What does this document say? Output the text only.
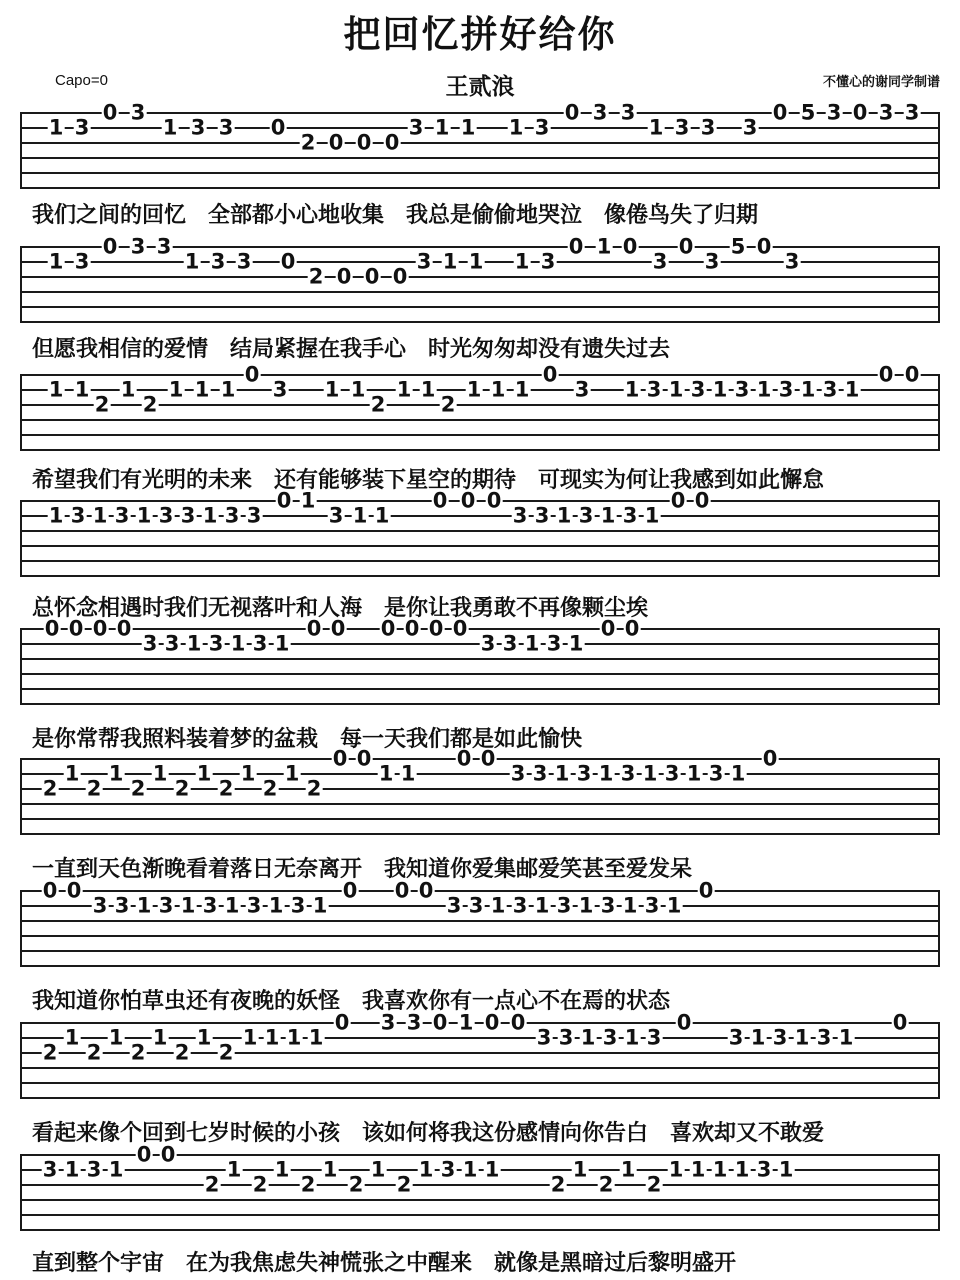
把回忆拼好给你
Capo=0	王贰浪	不懂心的谢同学制谱
1 3
0 3
1 3 3 0
2 0 0 0
3 1 1 1 3
0 3 3
1 3 3 3
0 5 3 0 3 3
1 3
0 3 3
1 3 3 0
2 0 0 0
3 1 1 1 3
0 1 0
3
0
3
5 0
3
1 1
2
1
2
1 1 1
0
3 1 1
2
1 1
2
1 1 1
0
3 1 3 1 3 1 3 1 3 1 3 1
0 0
1 3 1 3 1 3 3 1 3 3
0 1
3 1 1
0 0 0
3 3 1 3 1 3 1
0 0
0 0 0 0
3 3 1 3 1 3 1
0 0 0 0 0 0
3 3 1 3 1
0 0
2
1
2
1
2
1
2
1
2
1
2
1
2
0 0
1 1
0 0
3 3 1 3 1 3 1 3 1 3 1
0
0 0
3 3 1 3 1 3 1 3 1 3 1
0 0 0
3 3 1 3 1 3 1 3 1 3 1
0
2
1
2
1
2
1
2
1
2
1 1 1 1
0 3 3 0 1 0 0
3 3 1 3 1 3
0
3 1 3 1 3 1
0
3 1 3 1
0 0
2
1
2
1
2
1
2
1
2
1 3 1 1
2
1
2
1
2
1 1 1 1 3 1
我们之间的回忆　全部都小心地收集　我总是偷偷地哭泣　像倦鸟失了归期
但愿我相信的爱情　结局紧握在我手心　时光匆匆却没有遗失过去
希望我们有光明的未来　还有能够装下星空的期待　可现实为何让我感到如此懈怠
总怀念相遇时我们无视落叶和人海　是你让我勇敢不再像颗尘埃
是你常帮我照料装着梦的盆栽　每一天我们都是如此愉快
一直到天色渐晚看着落日无奈离开　我知道你爱集邮爱笑甚至爱发呆
我知道你怕草虫还有夜晚的妖怪　我喜欢你有一点心不在焉的状态
看起来像个回到七岁时候的小孩　该如何将我这份感情向你告白　喜欢却又不敢爱
直到整个宇宙　在为我焦虑失神慌张之中醒来　就像是黑暗过后黎明盛开
